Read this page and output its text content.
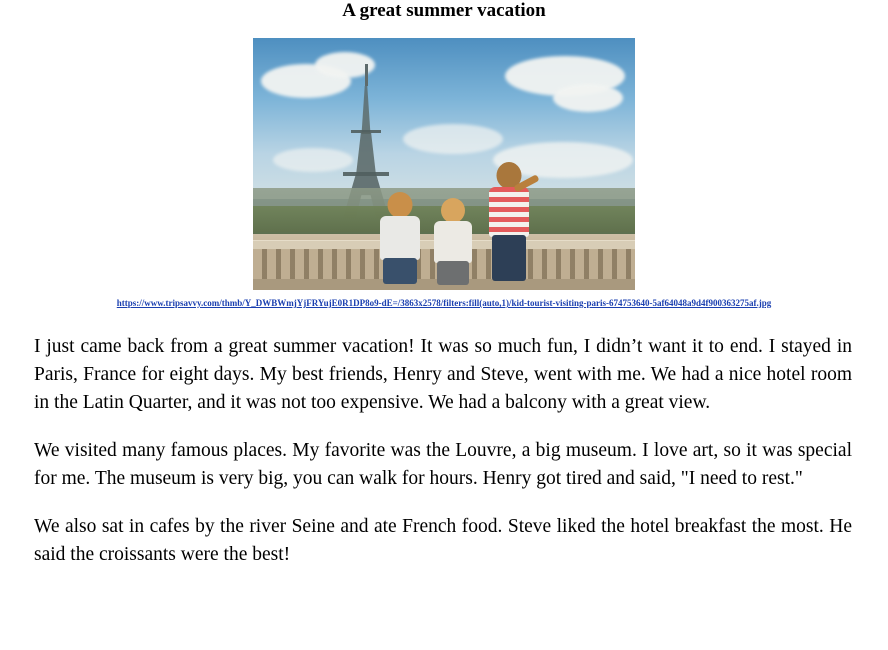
A great summer vacation
https://www.tripsavvy.com/thmb/Y_DWBWmjYjFRYujE0R1DP8o9-dE=/3863x2578/filters:fill(auto,1)/kid-tourist-visiting-paris-674753640-5af64048a9d4f900363275af.jpg

I just came back from a great summer vacation! It was so much fun, I didn’t want it to end. I stayed in Paris, France for eight days. My best friends, Henry and Steve, went with me. We had a nice hotel room in the Latin Quarter, and it was not too expensive. We had a balcony with a great view.

We visited many famous places. My favorite was the Louvre, a big museum. I love art, so it was special for me. The museum is very big, you can walk for hours. Henry got tired and said, "I need to rest."

We also sat in cafes by the river Seine and ate French food. Steve liked the hotel breakfast the most. He said the croissants were the best!
